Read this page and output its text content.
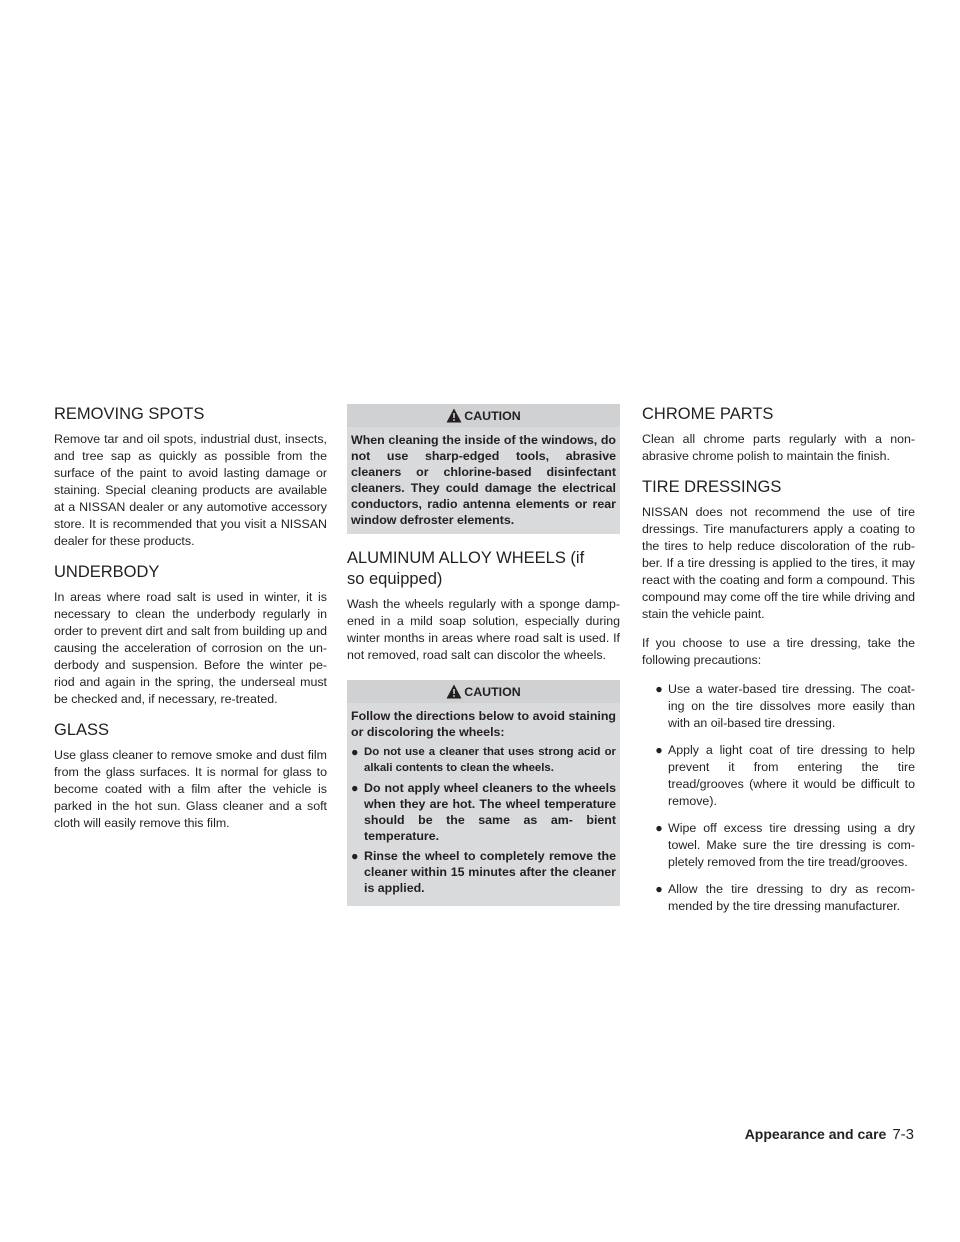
REMOVING SPOTS

Remove tar and oil spots, industrial dust, insects, and tree sap as quickly as possible from the surface of the paint to avoid lasting damage or staining. Special cleaning products are available at a NISSAN dealer or any automotive accessory store. It is recommended that you visit a NISSAN dealer for these products.

UNDERBODY

In areas where road salt is used in winter, it is necessary to clean the underbody regularly in order to prevent dirt and salt from building up and causing the acceleration of corrosion on the un- derbody and suspension. Before the winter pe- riod and again in the spring, the underseal must be checked and, if necessary, re-treated.

GLASS

Use glass cleaner to remove smoke and dust film from the glass surfaces. It is normal for glass to become coated with a film after the vehicle is parked in the hot sun. Glass cleaner and a soft cloth will easily remove this film.

CAUTION
When cleaning the inside of the windows, do not use sharp-edged tools, abrasive cleaners or chlorine-based disinfectant cleaners. They could damage the electrical conductors, radio antenna elements or rear window defroster elements.
ALUMINUM ALLOY WHEELS (if so equipped)

Wash the wheels regularly with a sponge damp- ened in a mild soap solution, especially during winter months in areas where road salt is used. If not removed, road salt can discolor the wheels.

CAUTION

Follow the directions below to avoid staining or discoloring the wheels:

● Do not use a cleaner that uses strong acid or alkali contents to clean the wheels.
● Do not apply wheel cleaners to the wheels when they are hot. The wheel temperature should be the same as am- bient temperature.
● Rinse the wheel to completely remove the cleaner within 15 minutes after the cleaner is applied.
CHROME PARTS

Clean all chrome parts regularly with a non- abrasive chrome polish to maintain the finish.

TIRE DRESSINGS

NISSAN does not recommend the use of tire dressings. Tire manufacturers apply a coating to the tires to help reduce discoloration of the rub- ber. If a tire dressing is applied to the tires, it may react with the coating and form a compound. This compound may come off the tire while driving and stain the vehicle paint.

If you choose to use a tire dressing, take the following precautions:

● Use a water-based tire dressing. The coat- ing on the tire dissolves more easily than with an oil-based tire dressing.
● Apply a light coat of tire dressing to help prevent it from entering the tire tread/grooves (where it would be difficult to remove).
● Wipe off excess tire dressing using a dry towel. Make sure the tire dressing is com- pletely removed from the tire tread/grooves.
● Allow the tire dressing to dry as recom- mended by the tire dressing manufacturer.
Appearance and care 7-3
